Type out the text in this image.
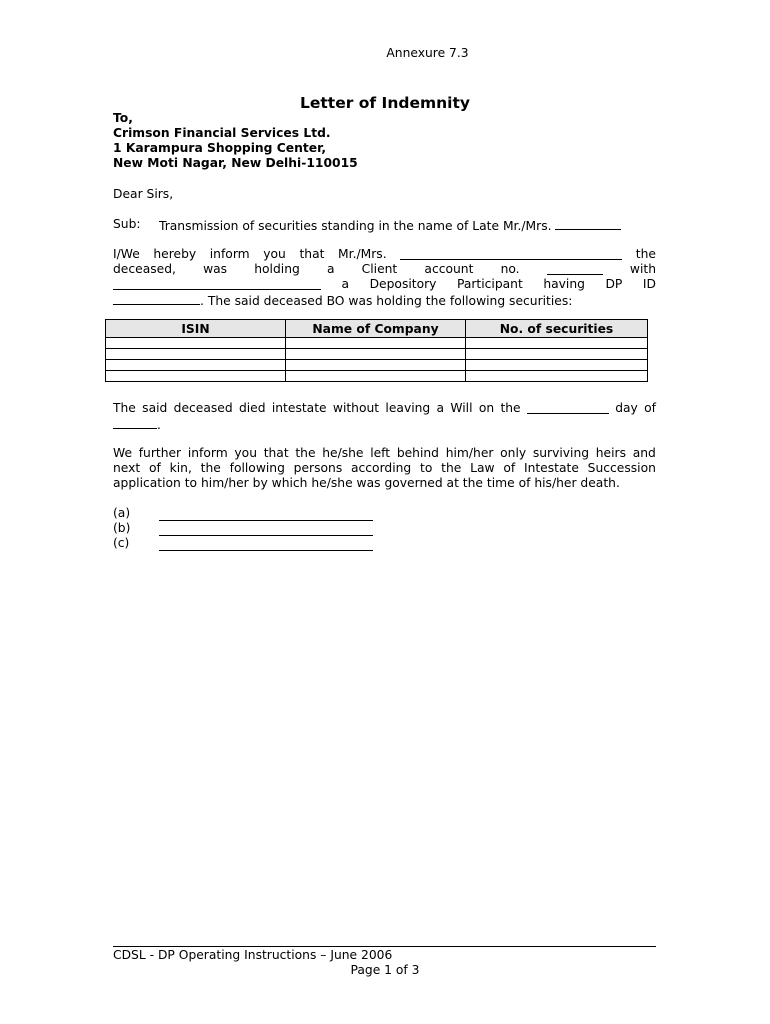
Annexure 7.3
Letter of Indemnity
To,
Crimson Financial Services Ltd.
1 Karampura Shopping Center,
New Moti Nagar, New Delhi-110015
Dear Sirs,
Sub: Transmission of securities standing in the name of Late Mr./Mrs.
I/We hereby inform you that Mr./Mrs.	the
deceased, was holding a Client account no.	with
a Depository Participant having DP ID
. The said deceased BO was holding the following securities:
ISIN	Name of Company	No. of securities

The said deceased died intestate without leaving a Will on the	day of
.
We further inform you that the he/she left behind him/her only surviving heirs and
next of kin, the following persons according to the Law of Intestate Succession
application to him/her by which he/she was governed at the time of his/her death.
(a)
(b)
(c)
CDSL - DP Operating Instructions – June 2006
Page 1 of 3
